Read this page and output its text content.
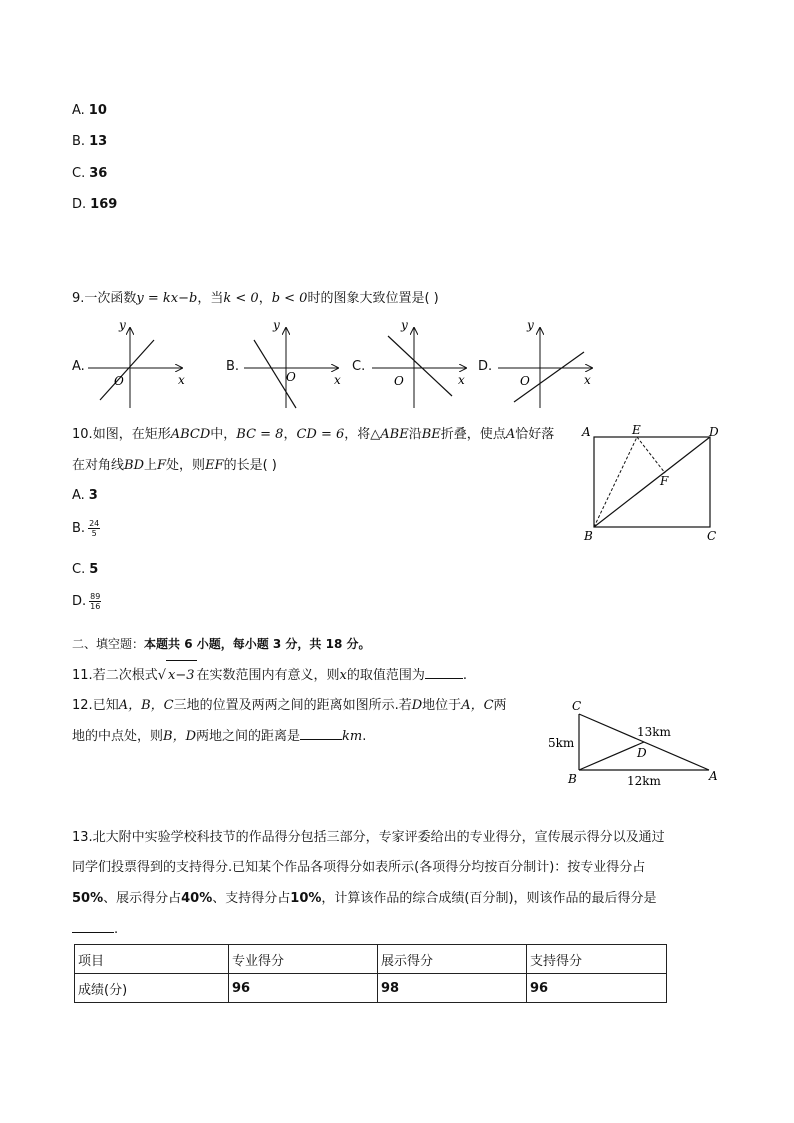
A. 10
B. 13
C. 36
D. 169
9.一次函数y = kx−b，当k < 0，b < 0时的图象大致位置是( )
A.	B.	C.	D.
y
x
O
y
x
O
y
x
O
y
x
O
10.如图，在矩形ABCD中，BC = 8，CD = 6，将△ABE沿BE折叠，使点A恰好落
在对角线BD上F处，则EF的长是( )
A. 3
B. $\frac{24}{5}$
C. 5
D. $\frac{89}{16}$
A	E	D
F
B	C
二、填空题：本题共 6 小题，每小题 3 分，共 18 分。
11.若二次根式√ x−3 在实数范围内有意义，则x的取值范围为	.
12.已知A，B，C三地的位置及两两之间的距离如图所示.若D地位于A，C两
地的中点处，则B，D两地之间的距离是	km.
C
B	A
D
5km
13km
12km
13.北大附中实验学校科技节的作品得分包括三部分，专家评委给出的专业得分，宣传展示得分以及通过
同学们投票得到的支持得分.已知某个作品各项得分如表所示(各项得分均按百分制计)：按专业得分占
50%、展示得分占40%、支持得分占10%，计算该作品的综合成绩(百分制)，则该作品的最后得分是
.
项目	专业得分	展示得分	支持得分
成绩(分)	96	98	96
